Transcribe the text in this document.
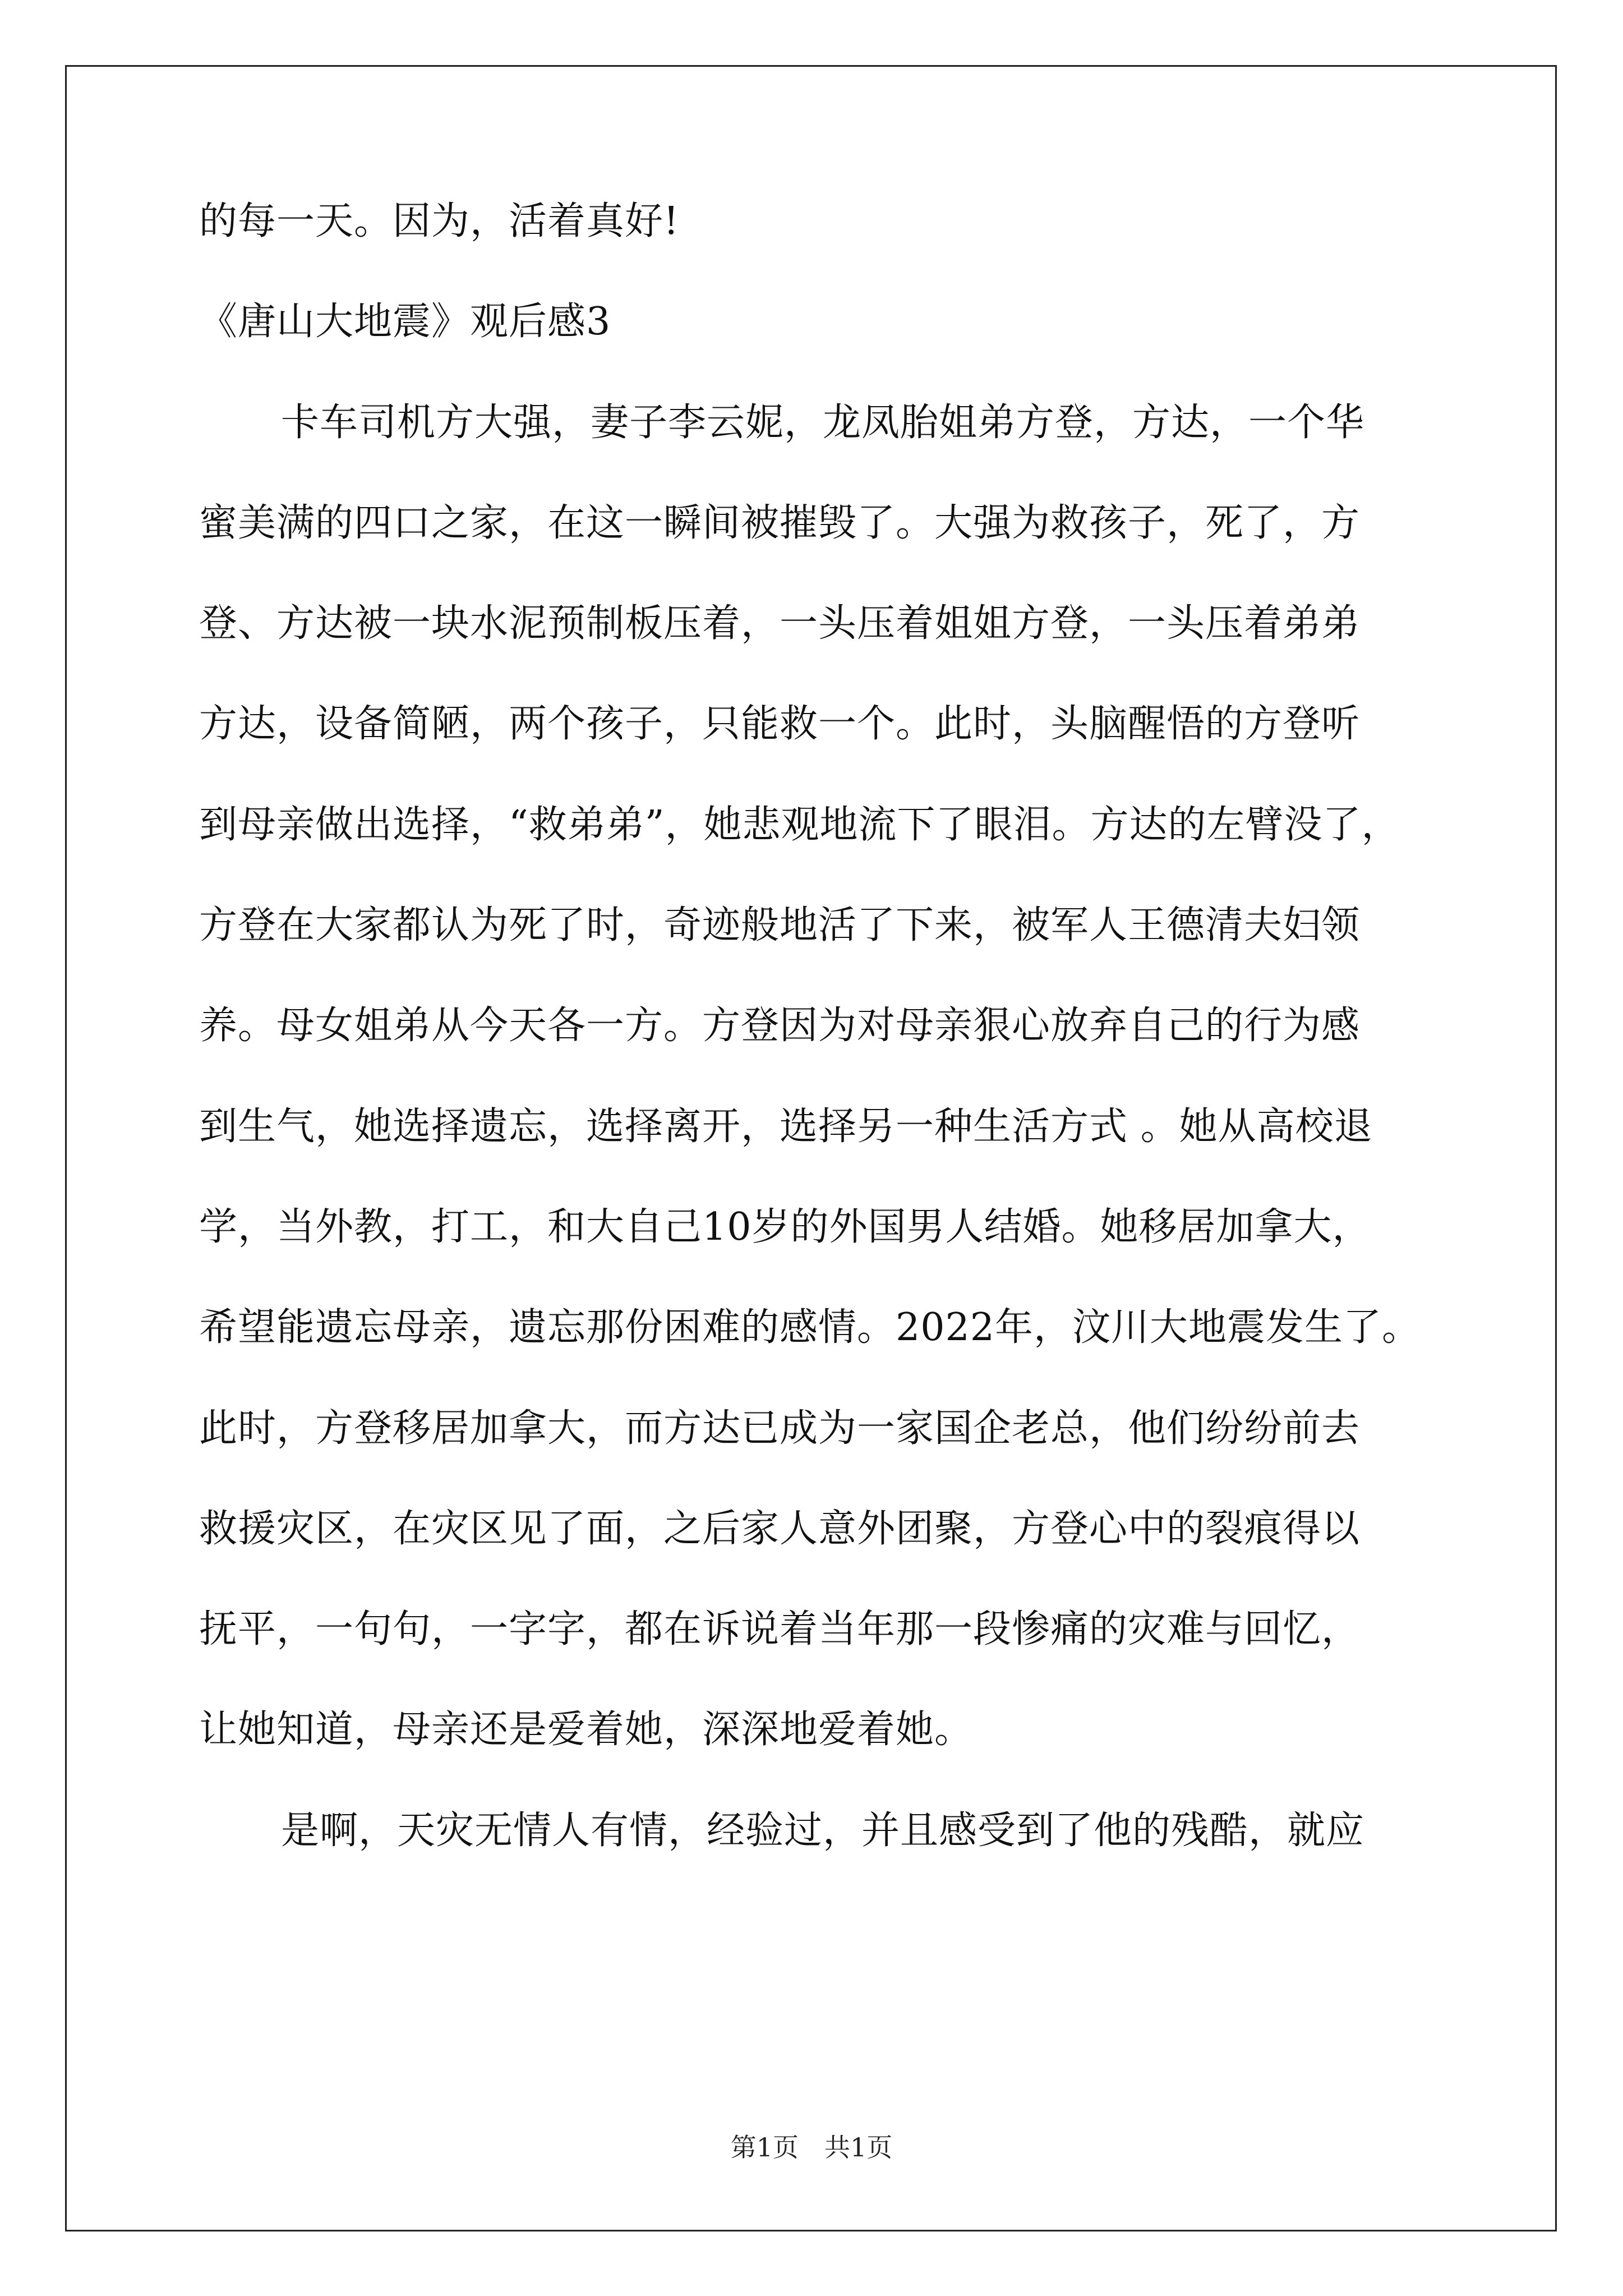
的每一天。因为，活着真好!
《唐山大地震》观后感3
卡车司机方大强，妻子李云妮，龙凤胎姐弟方登，方达，一个华
蜜美满的四口之家，在这一瞬间被摧毁了。大强为救孩子，死了，方
登、方达被一块水泥预制板压着，一头压着姐姐方登，一头压着弟弟
方达，设备简陋，两个孩子，只能救一个。此时，头脑醒悟的方登听
到母亲做出选择，“救弟弟”，她悲观地流下了眼泪。方达的左臂没了，
方登在大家都认为死了时，奇迹般地活了下来，被军人王德清夫妇领
养。母女姐弟从今天各一方。方登因为对母亲狠心放弃自己的行为感
到生气，她选择遗忘，选择离开，选择另一种生活方式 。她从高校退
学，当外教，打工，和大自己10岁的外国男人结婚。她移居加拿大，
希望能遗忘母亲，遗忘那份困难的感情。2022年，汶川大地震发生了。
此时，方登移居加拿大，而方达已成为一家国企老总，他们纷纷前去
救援灾区，在灾区见了面，之后家人意外团聚，方登心中的裂痕得以
抚平，一句句，一字字，都在诉说着当年那一段惨痛的灾难与回忆，
让她知道，母亲还是爱着她，深深地爱着她。
是啊，天灾无情人有情，经验过，并且感受到了他的残酷，就应
第1页　共1页
